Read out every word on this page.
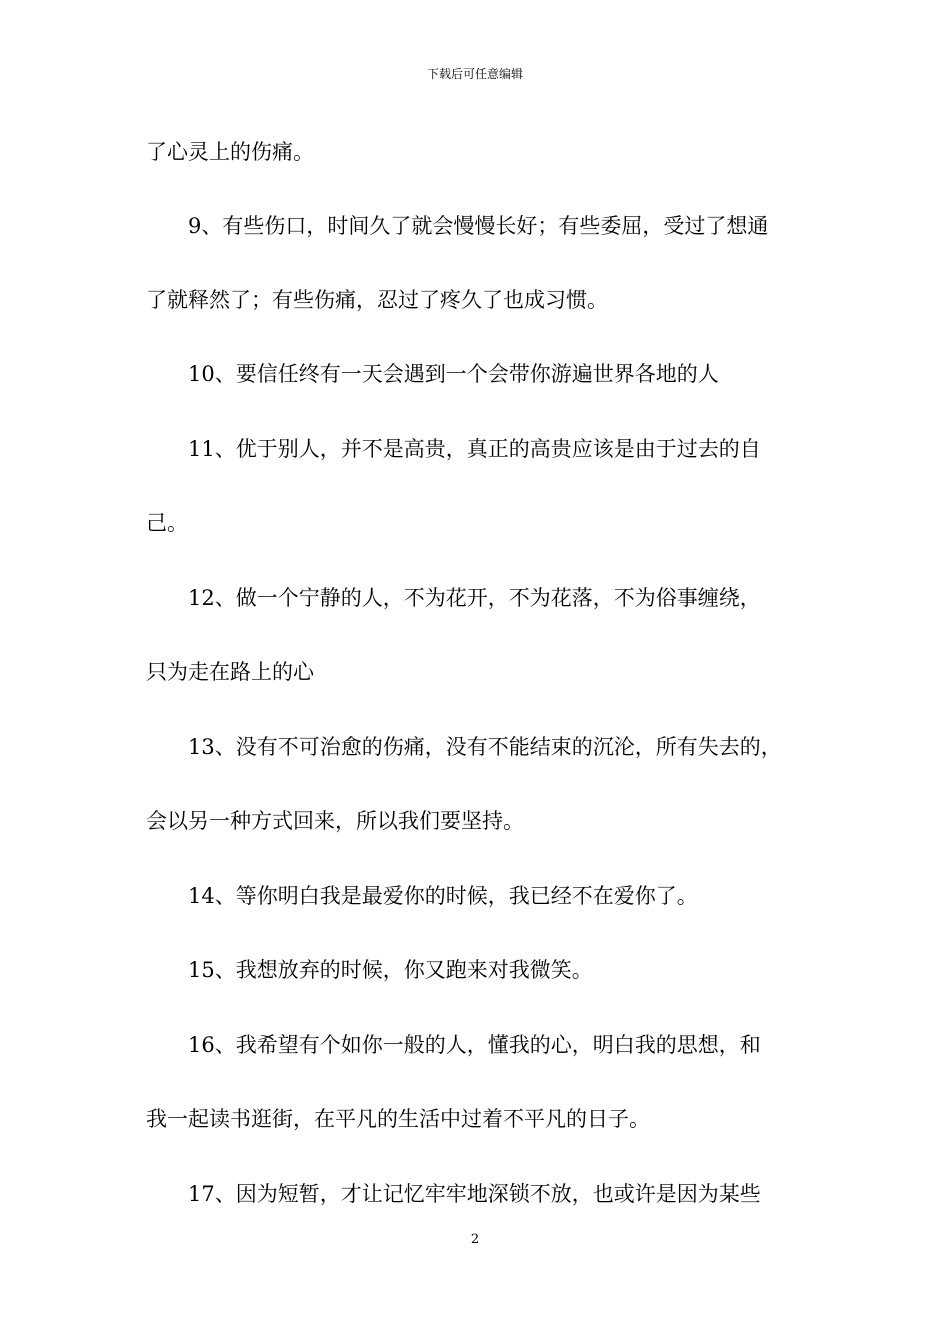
下载后可任意编辑
了心灵上的伤痛。
9、有些伤口，时间久了就会慢慢长好；有些委屈，受过了想通
了就释然了；有些伤痛，忍过了疼久了也成习惯。
10、要信任终有一天会遇到一个会带你游遍世界各地的人
11、优于别人，并不是高贵，真正的高贵应该是由于过去的自
己。
12、做一个宁静的人，不为花开，不为花落，不为俗事缠绕，
只为走在路上的心
13、没有不可治愈的伤痛，没有不能结束的沉沦，所有失去的，
会以另一种方式回来，所以我们要坚持。
14、等你明白我是最爱你的时候，我已经不在爱你了。
15、我想放弃的时候，你又跑来对我微笑。
16、我希望有个如你一般的人，懂我的心，明白我的思想，和
我一起读书逛街，在平凡的生活中过着不平凡的日子。
17、因为短暂，才让记忆牢牢地深锁不放，也或许是因为某些
2
